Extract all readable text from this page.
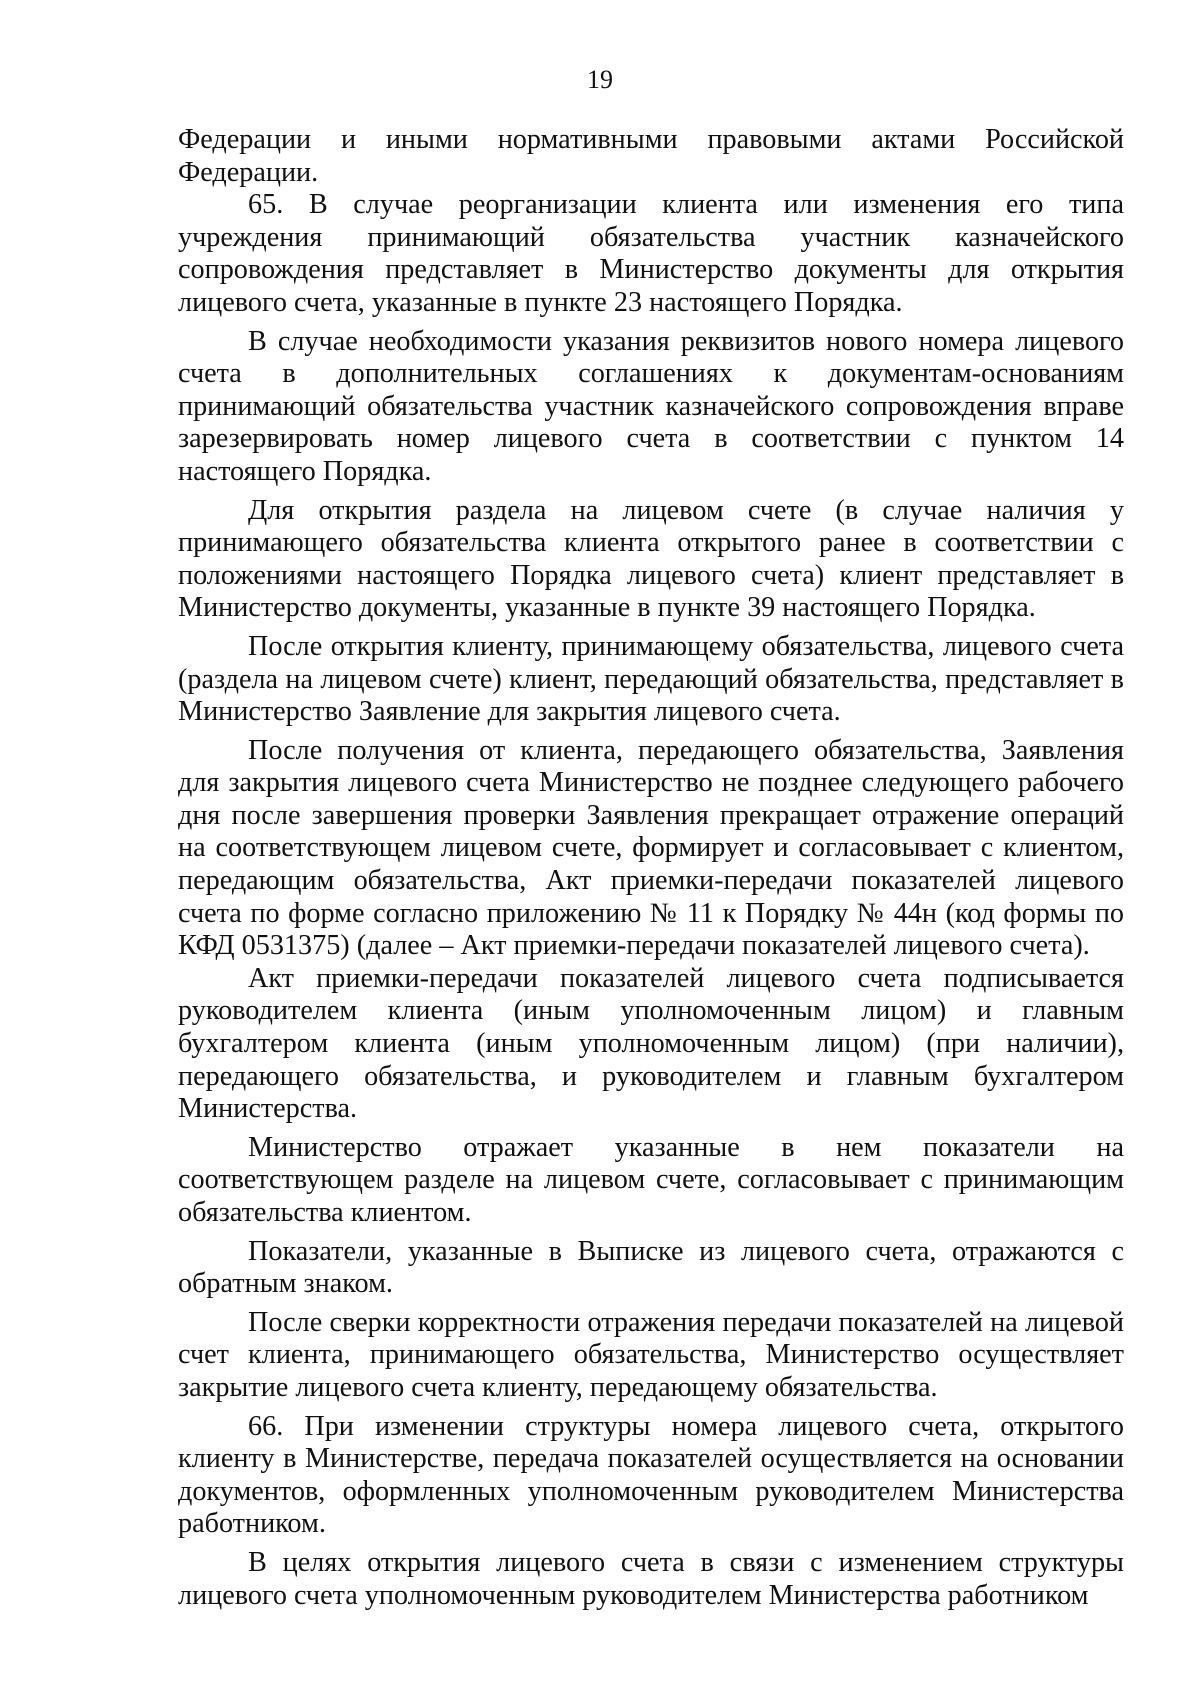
19

Федерации и иными нормативными правовыми актами Российской Федерации.

65. В случае реорганизации клиента или изменения его типа учреждения принимающий обязательства участник казначейского сопровождения представляет в Министерство документы для открытия лицевого счета, указанные в пункте 23 настоящего Порядка.

В случае необходимости указания реквизитов нового номера лицевого счета в дополнительных соглашениях к документам-основаниям принимающий обязательства участник казначейского сопровождения вправе зарезервировать номер лицевого счета в соответствии с пунктом 14 настоящего Порядка.

Для открытия раздела на лицевом счете (в случае наличия у принимающего обязательства клиента открытого ранее в соответствии с положениями настоящего Порядка лицевого счета) клиент представляет в Министерство документы, указанные в пункте 39 настоящего Порядка.

После открытия клиенту, принимающему обязательства, лицевого счета (раздела на лицевом счете) клиент, передающий обязательства, представляет в Министерство Заявление для закрытия лицевого счета.

После получения от клиента, передающего обязательства, Заявления для закрытия лицевого счета Министерство не позднее следующего рабочего дня после завершения проверки Заявления прекращает отражение операций на соответствующем лицевом счете, формирует и согласовывает с клиентом, передающим обязательства, Акт приемки-передачи показателей лицевого счета по форме согласно приложению № 11 к Порядку № 44н (код формы по КФД 0531375) (далее – Акт приемки-передачи показателей лицевого счета).

Акт приемки-передачи показателей лицевого счета подписывается руководителем клиента (иным уполномоченным лицом) и главным бухгалтером клиента (иным уполномоченным лицом) (при наличии), передающего обязательства, и руководителем и главным бухгалтером Министерства.

Министерство отражает указанные в нем показатели на соответствующем разделе на лицевом счете, согласовывает с принимающим обязательства клиентом.

Показатели, указанные в Выписке из лицевого счета, отражаются с обратным знаком.

После сверки корректности отражения передачи показателей на лицевой счет клиента, принимающего обязательства, Министерство осуществляет закрытие лицевого счета клиенту, передающему обязательства.

66. При изменении структуры номера лицевого счета, открытого клиенту в Министерстве, передача показателей осуществляется на основании документов, оформленных уполномоченным руководителем Министерства работником.

В целях открытия лицевого счета в связи с изменением структуры лицевого счета уполномоченным руководителем Министерства работником
